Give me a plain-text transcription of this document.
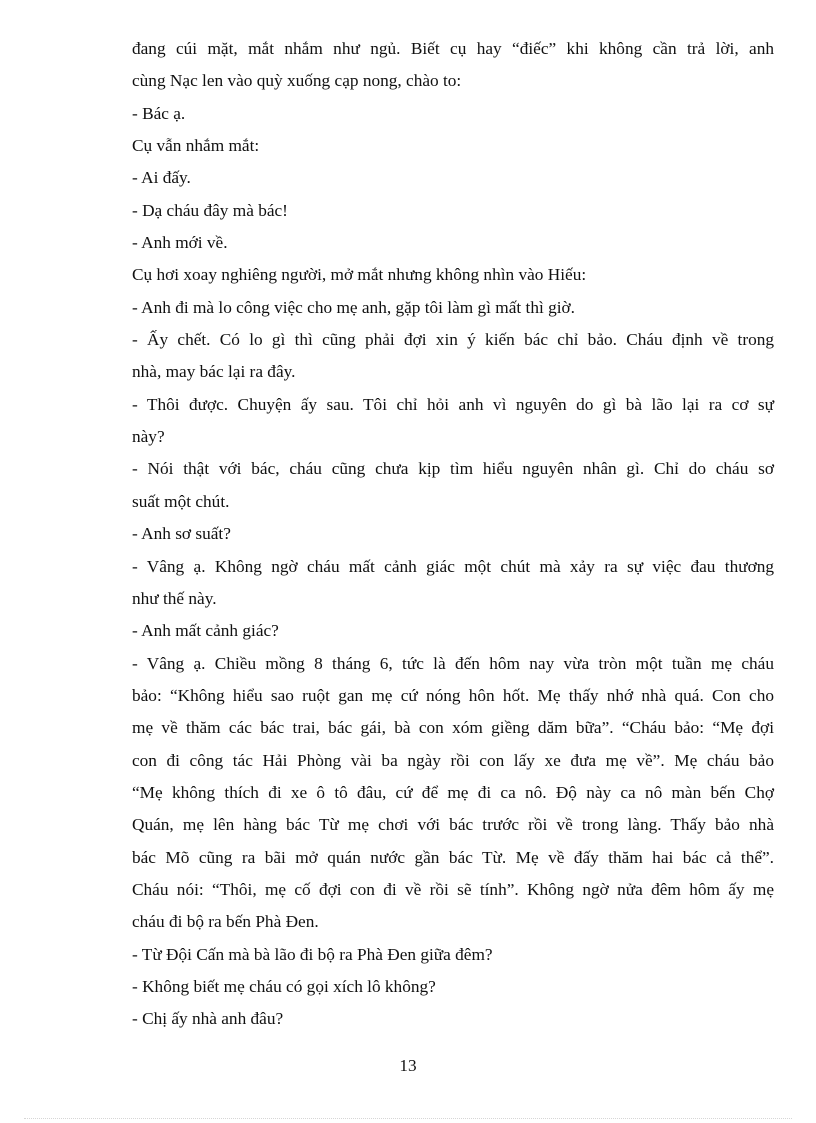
đang cúi mặt, mắt nhắm như ngủ. Biết cụ hay “điếc” khi không cần trả lời, anh
cùng Nạc len vào quỳ xuống cạp nong, chào to:
- Bác ạ.
Cụ vẫn nhắm mắt:
- Ai đấy.
- Dạ cháu đây mà bác!
- Anh mới về.
Cụ hơi xoay nghiêng người, mở mắt nhưng không nhìn vào Hiếu:
- Anh đi mà lo công việc cho mẹ anh, gặp tôi làm gì mất thì giờ.
- Ấy chết. Có lo gì thì cũng phải đợi xin ý kiến bác chỉ bảo. Cháu định về trong
nhà, may bác lại ra đây.
- Thôi được. Chuyện ấy sau. Tôi chỉ hỏi anh vì nguyên do gì bà lão lại ra cơ sự
này?
- Nói thật với bác, cháu cũng chưa kịp tìm hiểu nguyên nhân gì. Chỉ do cháu sơ
suất một chút.
- Anh sơ suất?
- Vâng ạ. Không ngờ cháu mất cảnh giác một chút mà xảy ra sự việc đau thương
như thế này.
- Anh mất cảnh giác?
- Vâng ạ. Chiều mồng 8 tháng 6, tức là đến hôm nay vừa tròn một tuần mẹ cháu
bảo: “Không hiểu sao ruột gan mẹ cứ nóng hôn hốt. Mẹ thấy nhớ nhà quá. Con cho
mẹ về thăm các bác trai, bác gái, bà con xóm giềng dăm bữa”. “Cháu bảo: “Mẹ đợi
con đi công tác Hải Phòng vài ba ngày rồi con lấy xe đưa mẹ về”. Mẹ cháu bảo
“Mẹ không thích đi xe ô tô đâu, cứ để mẹ đi ca nô. Độ này ca nô màn bến Chợ
Quán, mẹ lên hàng bác Từ mẹ chơi với bác trước rồi về trong làng. Thấy bảo nhà
bác Mõ cũng ra bãi mở quán nước gần bác Từ. Mẹ về đấy thăm hai bác cả thể”.
Cháu nói: “Thôi, mẹ cố đợi con đi về rồi sẽ tính”. Không ngờ nửa đêm hôm ấy mẹ
cháu đi bộ ra bến Phà Đen.
- Từ Đội Cấn mà bà lão đi bộ ra Phà Đen giữa đêm?
- Không biết mẹ cháu có gọi xích lô không?
- Chị ấy nhà anh đâu?
13
